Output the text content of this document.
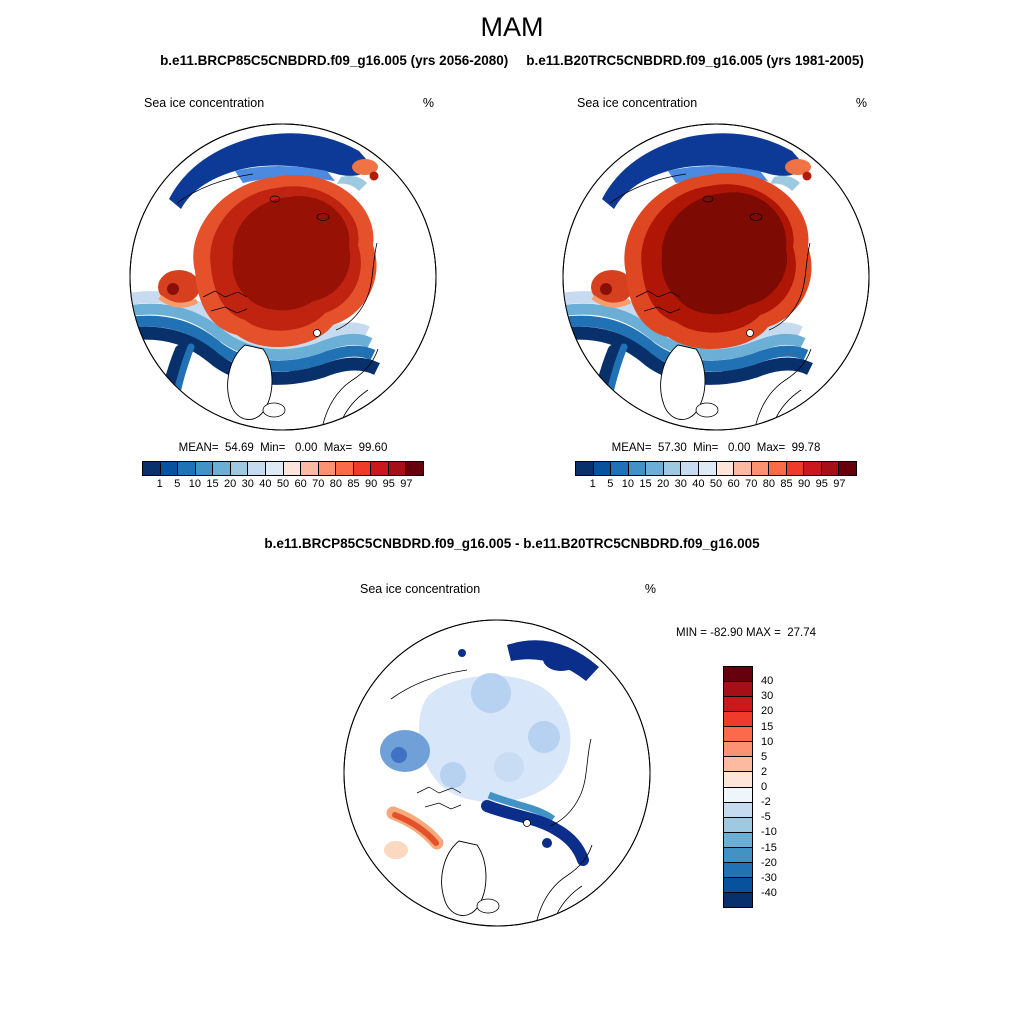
MAM
b.e11.BRCP85C5CNBDRD.f09_g16.005 (yrs 2056-2080) b.e11.B20TRC5CNBDRD.f09_g16.005 (yrs 1981-2005)
Sea ice concentration	%
MEAN=  54.69  Min=   0.00  Max=  99.60
1 5 10 15 20 30 40 50 60 70 80 85 90 95 97
Sea ice concentration	%
MEAN=  57.30  Min=   0.00  Max=  99.78
1 5 10 15 20 30 40 50 60 70 80 85 90 95 97
b.e11.BRCP85C5CNBDRD.f09_g16.005 - b.e11.B20TRC5CNBDRD.f09_g16.005
Sea ice concentration	%
MIN = -82.90 MAX =  27.74
40
30
20
15
10
5
2
0
-2
-5
-10
-15
-20
-30
-40
